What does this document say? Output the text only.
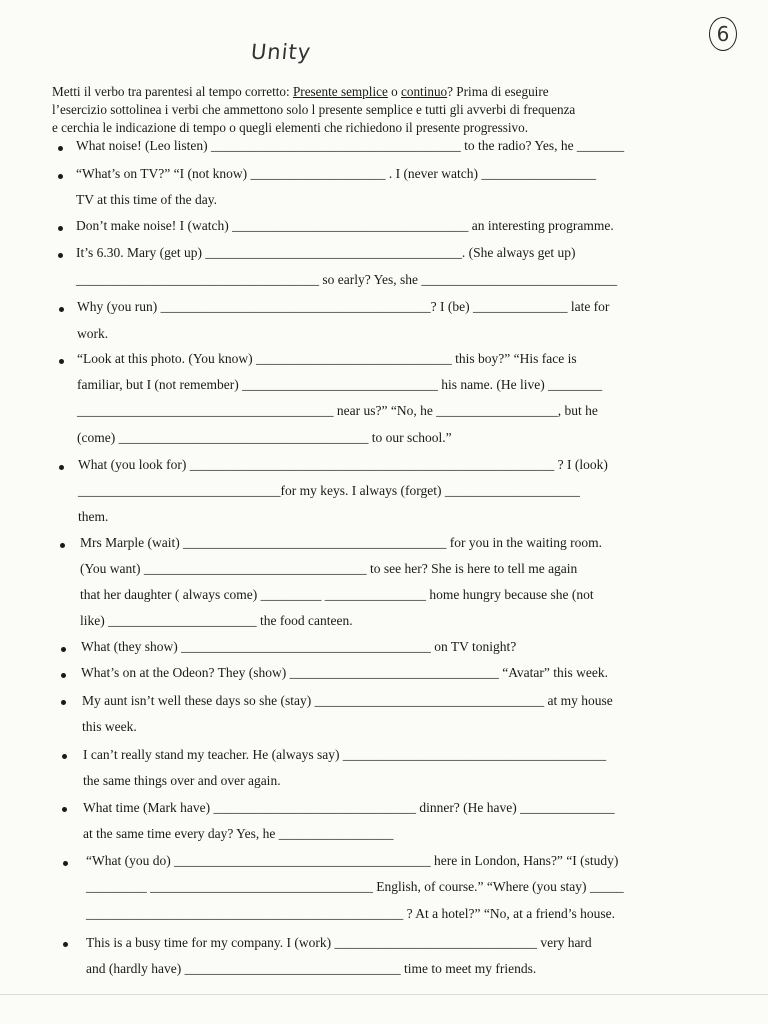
Unity
6
Metti il verbo tra parentesi al tempo corretto: Presente semplice o continuo? Prima di eseguire
l’esercizio sottolinea i verbi che ammettono solo l presente semplice e tutti gli avverbi di frequenza
e cerchia le indicazione di tempo o quegli elementi che richiedono il presente progressivo.
What noise! (Leo listen) _____________________________________ to the radio? Yes, he _______
“What’s on TV?” “I (not know) ____________________ . I (never watch) _________________
TV at this time of the day.
Don’t make noise! I (watch) ___________________________________ an interesting programme.
It’s 6.30. Mary (get up) ______________________________________. (She always get up)
____________________________________ so early? Yes, she _____________________________
Why (you run) ________________________________________? I (be) ______________ late for
work.
“Look at this photo. (You know) _____________________________ this boy?” “His face is
familiar, but I (not remember) _____________________________ his name. (He live) ________
______________________________________ near us?” “No, he __________________, but he
(come) _____________________________________ to our school.”
What (you look for) ______________________________________________________ ? I (look)
______________________________for my keys. I always (forget) ____________________
them.
Mrs Marple (wait) _______________________________________ for you in the waiting room.
(You want) _________________________________ to see her? She is here to tell me again
that her daughter ( always come) _________ _______________ home hungry because she (not
like) ______________________ the food canteen.
What (they show) _____________________________________ on TV tonight?
What’s on at the Odeon? They (show) _______________________________ “Avatar” this week.
My aunt isn’t well these days so she (stay) __________________________________ at my house
this week.
I can’t really stand my teacher. He (always say) _______________________________________
the same things over and over again.
What time (Mark have) ______________________________ dinner? (He have) ______________
at the same time every day? Yes, he _________________
“What (you do) ______________________________________ here in London, Hans?” “I (study)
_________ _________________________________ English, of course.” “Where (you stay) _____
_______________________________________________ ? At a hotel?” “No, at a friend’s house.
This is a busy time for my company. I (work) ______________________________ very hard
and (hardly have) ________________________________ time to meet my friends.
